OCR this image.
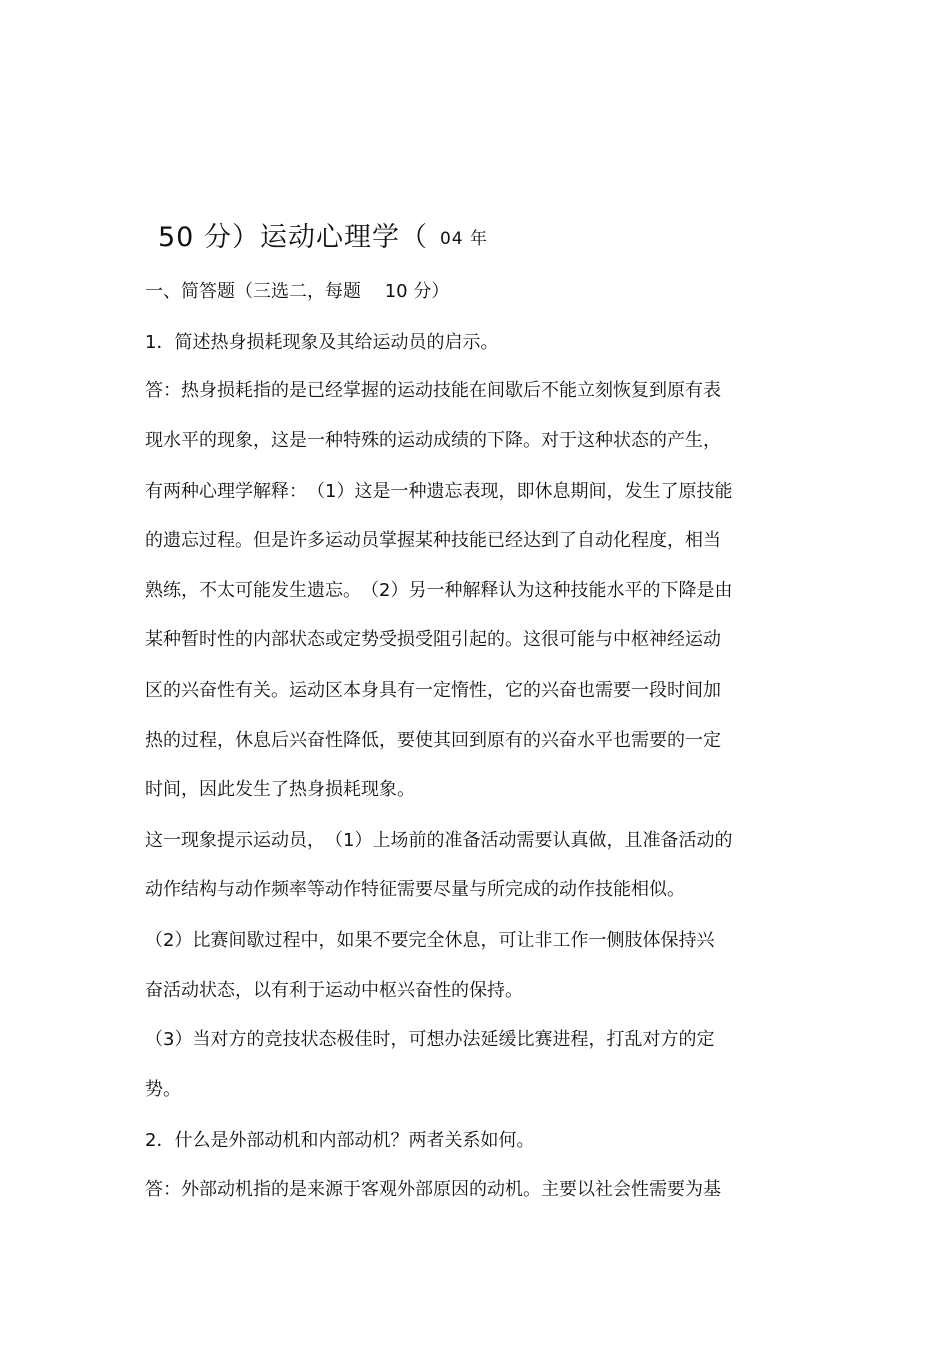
50 分）运动心理学（ 04 年
一、简答题（三选二，每题　 10 分）
1．简述热身损耗现象及其给运动员的启示。
答：热身损耗指的是已经掌握的运动技能在间歇后不能立刻恢复到原有表
现水平的现象，这是一种特殊的运动成绩的下降。对于这种状态的产生，
有两种心理学解释：　（1）这是一种遗忘表现，即休息期间，发生了原技能
的遗忘过程。但是许多运动员掌握某种技能已经达到了自动化程度，相当
熟练，不太可能发生遗忘。　（2）另一种解释认为这种技能水平的下降是由
某种暂时性的内部状态或定势受损受阻引起的。这很可能与中枢神经运动
区的兴奋性有关。运动区本身具有一定惰性，它的兴奋也需要一段时间加
热的过程，休息后兴奋性降低，要使其回到原有的兴奋水平也需要的一定
时间，因此发生了热身损耗现象。
这一现象提示运动员，　（1）上场前的准备活动需要认真做，且准备活动的
动作结构与动作频率等动作特征需要尽量与所完成的动作技能相似。
（2）比赛间歇过程中，如果不要完全休息，可让非工作一侧肢体保持兴
奋活动状态，以有利于运动中枢兴奋性的保持。
（3）当对方的竞技状态极佳时，可想办法延缓比赛进程，打乱对方的定
势。
2．什么是外部动机和内部动机？两者关系如何。
答：外部动机指的是来源于客观外部原因的动机。主要以社会性需要为基
